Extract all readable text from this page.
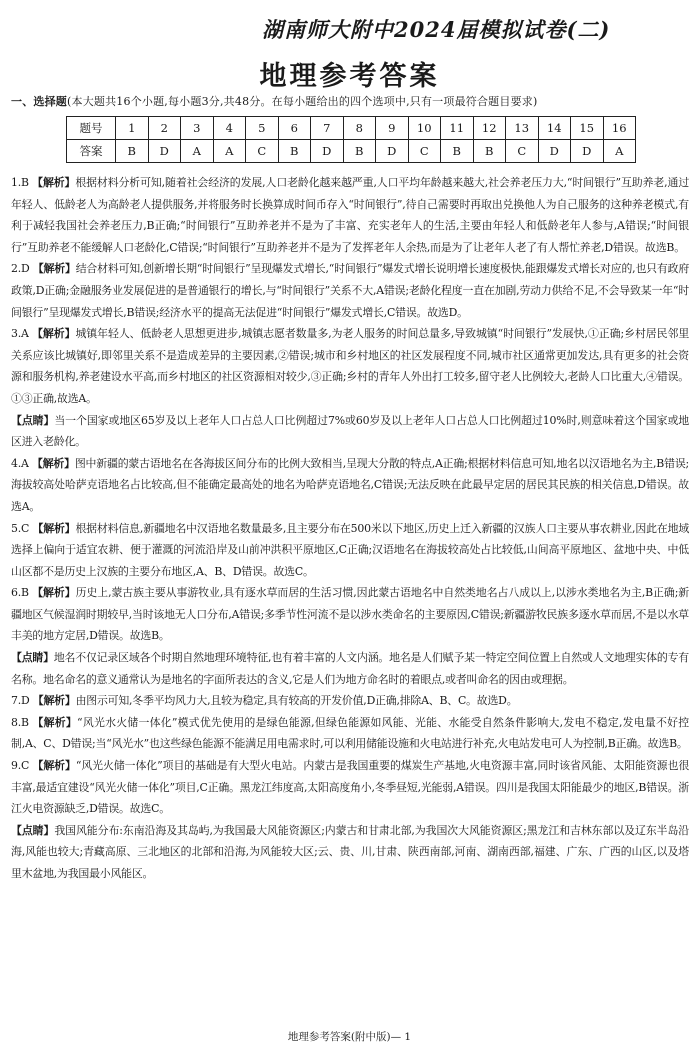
湖南师大附中2024届模拟试卷(二)
地理参考答案
一、选择题(本大题共16个小题,每小题3分,共48分。在每小题给出的四个选项中,只有一项最符合题目要求)
题号	1	2	3	4	5	6	7	8	9	10	11	12	13	14	15	16
答案	B	D	A	A	C	B	D	B	D	C	B	B	C	D	D	A

1.B 【解析】根据材料分析可知,随着社会经济的发展,人口老龄化越来越严重,人口平均年龄越来越大,社会养老压力大,“时间银行”互助养老,通过年轻人、低龄老人为高龄老人提供服务,并将服务时长换算成时间币存入“时间银行”,待自己需要时再取出兑换他人为自己服务的这种养老模式,有利于减轻我国社会养老压力,B正确;“时间银行”互助养老并不是为了丰富、充实老年人的生活,主要由年轻人和低龄老年人参与,A错误;“时间银行”互助养老不能缓解人口老龄化,C错误;“时间银行”互助养老并不是为了发挥老年人余热,而是为了让老年人老了有人帮忙养老,D错误。故选B。

2.D 【解析】结合材料可知,创新增长期“时间银行”呈现爆发式增长,“时间银行”爆发式增长说明增长速度极快,能跟爆发式增长对应的,也只有政府政策,D正确;金融服务业发展促进的是普通银行的增长,与“时间银行”关系不大,A错误;老龄化程度一直在加剧,劳动力供给不足,不会导致某一年“时间银行”呈现爆发式增长,B错误;经济水平的提高无法促进“时间银行”爆发式增长,C错误。故选D。

3.A 【解析】城镇年轻人、低龄老人思想更进步,城镇志愿者数量多,为老人服务的时间总量多,导致城镇“时间银行”发展快,①正确;乡村居民邻里关系应该比城镇好,即邻里关系不是造成差异的主要因素,②错误;城市和乡村地区的社区发展程度不同,城市社区通常更加发达,具有更多的社会资源和服务机构,养老建设水平高,而乡村地区的社区资源相对较少,③正确;乡村的青年人外出打工较多,留守老人比例较大,老龄人口比重大,④错误。①③正确,故选A。

【点睛】当一个国家或地区65岁及以上老年人口占总人口比例超过7%或60岁及以上老年人口占总人口比例超过10%时,则意味着这个国家或地区进入老龄化。

4.A 【解析】图中新疆的蒙古语地名在各海拔区间分布的比例大致相当,呈现大分散的特点,A正确;根据材料信息可知,地名以汉语地名为主,B错误;海拔较高处哈萨克语地名占比较高,但不能确定最高处的地名为哈萨克语地名,C错误;无法反映在此最早定居的居民其民族的相关信息,D错误。故选A。

5.C 【解析】根据材料信息,新疆地名中汉语地名数量最多,且主要分布在500米以下地区,历史上迁入新疆的汉族人口主要从事农耕业,因此在地域选择上偏向于适宜农耕、便于灌溉的河流沿岸及山前冲洪积平原地区,C正确;汉语地名在海拔较高处占比较低,山间高平原地区、盆地中央、中低山区都不是历史上汉族的主要分布地区,A、B、D错误。故选C。

6.B 【解析】历史上,蒙古族主要从事游牧业,具有逐水草而居的生活习惯,因此蒙古语地名中自然类地名占八成以上,以涉水类地名为主,B正确;新疆地区气候湿润时期较早,当时该地无人口分布,A错误;多季节性河流不是以涉水类命名的主要原因,C错误;新疆游牧民族多逐水草而居,不是以水草丰美的地方定居,D错误。故选B。

【点睛】地名不仅记录区域各个时期自然地理环境特征,也有着丰富的人文内涵。地名是人们赋予某一特定空间位置上自然或人文地理实体的专有名称。地名命名的意义通常认为是地名的字面所表达的含义,它是人们为地方命名时的着眼点,或者叫命名的因由或理据。

7.D 【解析】由图示可知,冬季平均风力大,且较为稳定,具有较高的开发价值,D正确,排除A、B、C。故选D。

8.B 【解析】“风光水火储一体化”模式优先使用的是绿色能源,但绿色能源如风能、光能、水能受自然条件影响大,发电不稳定,发电量不好控制,A、C、D错误;当“风光水”也这些绿色能源不能满足用电需求时,可以利用储能设施和火电站进行补充,火电站发电可人为控制,B正确。故选B。

9.C 【解析】“风光火储一体化”项目的基础是有大型火电站。内蒙古是我国重要的煤炭生产基地,火电资源丰富,同时该省风能、太阳能资源也很丰富,最适宜建设“风光火储一体化”项目,C正确。黑龙江纬度高,太阳高度角小,冬季昼短,光能弱,A错误。四川是我国太阳能最少的地区,B错误。浙江火电资源缺乏,D错误。故选C。

【点睛】我国风能分布:东南沿海及其岛屿,为我国最大风能资源区;内蒙古和甘肃北部,为我国次大风能资源区;黑龙江和吉林东部以及辽东半岛沿海,风能也较大;青藏高原、三北地区的北部和沿海,为风能较大区;云、贵、川,甘肃、陕西南部,河南、湖南西部,福建、广东、广西的山区,以及塔里木盆地,为我国最小风能区。

地理参考答案(附中版)— 1
